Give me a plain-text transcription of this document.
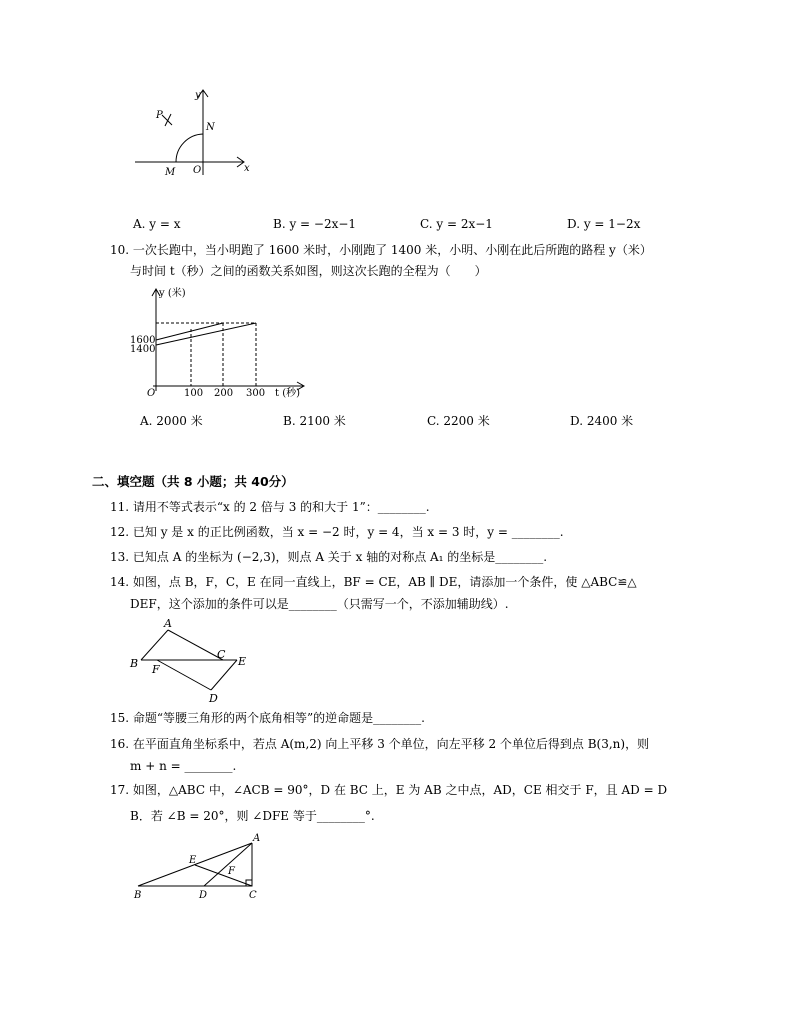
y
x
P
N
O
M
A. y = x	B. y = −2x−1	C. y = 2x−1	D. y = 1−2x
10. 一次长跑中，当小明跑了 1600 米时，小刚跑了 1400 米，小明、小刚在此后所跑的路程 y（米）
与时间 t（秒）之间的函数关系如图，则这次长跑的全程为（　　）
y (米)
1600
1400
O	100 200 300 t (秒)
A. 2000 米	B. 2100 米	C. 2200 米	D. 2400 米
二、填空题（共 8 小题；共 40分）
11. 请用不等式表示“x 的 2 倍与 3 的和大于 1”：________.
12. 已知 y 是 x 的正比例函数，当 x = −2 时，y = 4，当 x = 3 时，y = ________.
13. 已知点 A 的坐标为 (−2,3)，则点 A 关于 x 轴的对称点 A₁ 的坐标是________.
14. 如图，点 B，F，C，E 在同一直线上，BF = CE，AB ∥ DE，请添加一个条件，使 △ABC≌△
DEF，这个添加的条件可以是________（只需写一个，不添加辅助线）.
A
B F
C
E
D
15. 命题“等腰三角形的两个底角相等”的逆命题是________.
16. 在平面直角坐标系中，若点 A(m,2) 向上平移 3 个单位，向左平移 2 个单位后得到点 B(3,n)，则
m + n = ________.
17. 如图，△ABC 中，∠ACB = 90°，D 在 BC 上，E 为 AB 之中点，AD，CE 相交于 F，且 AD = D
B．若 ∠B = 20°，则 ∠DFE 等于________°.
A
E
F
B	D	C
